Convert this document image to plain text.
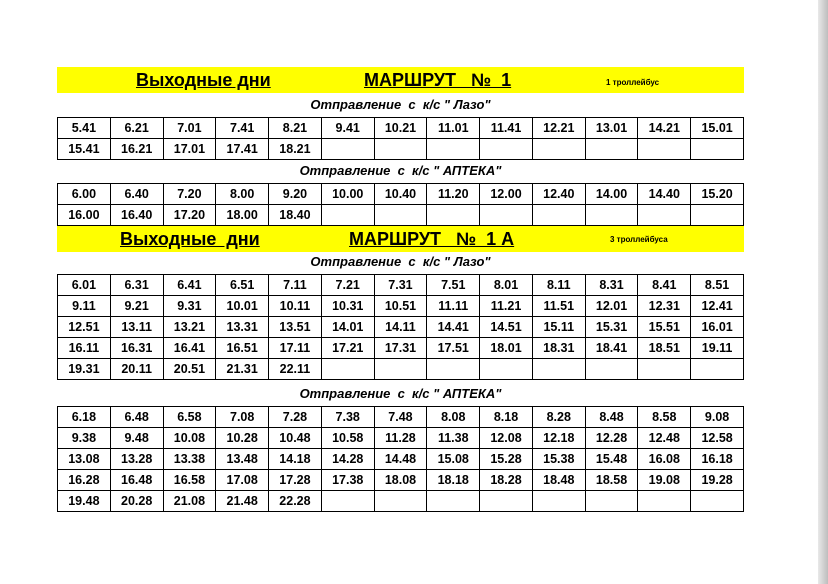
Выходные дни	МАРШРУТ   №  1	1 троллейбус
Отправление  с  к/с " Лазо"
5.41	6.21	7.01	7.41	8.21	9.41	10.21	11.01	11.41	12.21	13.01	14.21	15.01
15.41	16.21	17.01	17.41	18.21								
Отправление  с  к/с " АПТЕКА"
6.00	6.40	7.20	8.00	9.20	10.00	10.40	11.20	12.00	12.40	14.00	14.40	15.20
16.00	16.40	17.20	18.00	18.40								
Выходные  дни	МАРШРУТ   №  1 А	3 троллейбуса
Отправление  с  к/с " Лазо"
6.01	6.31	6.41	6.51	7.11	7.21	7.31	7.51	8.01	8.11	8.31	8.41	8.51
9.11	9.21	9.31	10.01	10.11	10.31	10.51	11.11	11.21	11.51	12.01	12.31	12.41
12.51	13.11	13.21	13.31	13.51	14.01	14.11	14.41	14.51	15.11	15.31	15.51	16.01
16.11	16.31	16.41	16.51	17.11	17.21	17.31	17.51	18.01	18.31	18.41	18.51	19.11
19.31	20.11	20.51	21.31	22.11								
Отправление  с  к/с " АПТЕКА"
6.18	6.48	6.58	7.08	7.28	7.38	7.48	8.08	8.18	8.28	8.48	8.58	9.08
9.38	9.48	10.08	10.28	10.48	10.58	11.28	11.38	12.08	12.18	12.28	12.48	12.58
13.08	13.28	13.38	13.48	14.18	14.28	14.48	15.08	15.28	15.38	15.48	16.08	16.18
16.28	16.48	16.58	17.08	17.28	17.38	18.08	18.18	18.28	18.48	18.58	19.08	19.28
19.48	20.28	21.08	21.48	22.28								
